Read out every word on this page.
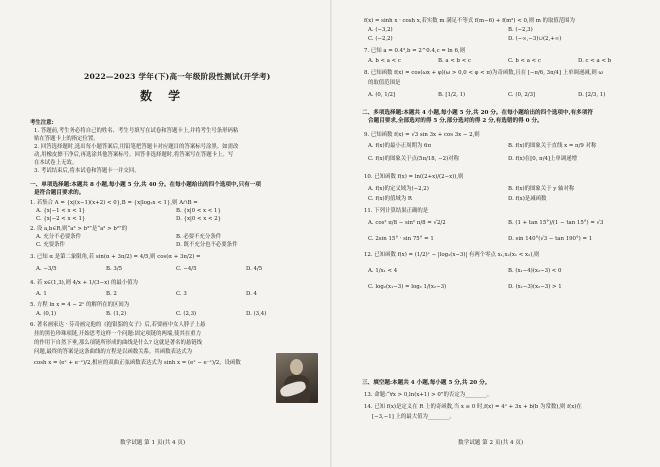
2022—2023 学年(下)高一年级阶段性测试(开学考)
数 学
考生注意:
1. 答题前,考生务必将自己的姓名、考生号填写在试卷和答题卡上,并将考生号条形码粘
贴在答题卡上的指定位置。
2. 回答选择题时,选出每小题答案后,用铅笔把答题卡对应题目的答案标号涂黑。如需改
动,用橡皮擦干净后,再选涂其他答案标号。回答非选择题时,将答案写在答题卡上。写
在本试卷上无效。
3. 考试结束后,将本试卷和答题卡一并交回。
一、单项选择题:本题共 8 小题,每小题 5 分,共 40 分。在每小题给出的四个选项中,只有一项
是符合题目要求的。
1. 若集合 A = {x|(x−1)(x+2) < 0},B = {x|log₂x < 1},则 A∩B =
A. {x|−1 < x < 1}	B. {x|0 < x < 1}
C. {x|−2 < x < 1}	D. {x|0 < x < 2}
2. 设 a,b∈R,则“a³ > b³”是“a² > b²”的
A. 充分不必要条件	B. 必要不充分条件
C. 充要条件	D. 既不充分也不必要条件
3. 已知 α 是第二象限角,若 sin(α + 3π/2) = 4/5,则 cos(α + 3π/2) =
A. −3/5	B. 3/5	C. −4/5	D. 4/5
4. 若 x∈(1,3),则 4/x + 1/(3−x) 的最小值为
A. 1	B. 2	C. 3	D. 4
5. 方程 ln x = 4 − 2ˣ 的解所在的区间为
A. (0,1)	B. (1,2)	C. (2,3)	D. (3,4)
6. 著名画家达 · 芬奇画完他的《抱银貂的女子》后,若要画中女人脖子上悬
挂的黑色珍珠项链,开始思考这样一个问题:固定项链的两端,使其在重力
的作用下自然下垂,那么项链所形成的曲线是什么? 这就是著名的悬链线
问题,最终的答案是这条曲线的方程是以函数关系。其函数表达式为
cosh x = (eˣ + e⁻ˣ)/2,相应的双曲正弦函数表达式为 sinh x = (eˣ − e⁻ˣ)/2。设函数
数学试题 第 1 页(共 4 页)
f(x) = sinh x · cosh x,若实数 m 满足不等式 f(m−6) + f(m²) < 0,则 m 的取值范围为
A. (−3,2)	B. (−2,3)
C. (−2,2)	D. (−∞,−3)∪(2,+∞)
7. 已知 a = 0.4³,b = 2^0.4,c = ln 6,则
A. b < a < c	B. a < b < c	C. b < a < c	D. c < a < b
8. 已知函数 f(x) = cos(ωx + φ)(ω > 0,0 < φ < π)为奇函数,且在 [−π/6, 3π/4] 上单调递减,则 ω
的取值范围是
A. (0, 1/2]	B. [1/2, 1)	C. (0, 2/3]	D. [2/3, 1)
二、多项选择题:本题共 4 小题,每小题 5 分,共 20 分。在每小题给出的四个选项中,有多项符
合题目要求,全部选对的得 5 分,部分选对的得 2 分,有选错的得 0 分。
9. 已知函数 f(x) = √3 sin 3x + cos 3x − 2,则
A. f(x)的最小正周期为 6π	B. f(x)的图象关于直线 x = π/9 对称
C. f(x)的图象关于点(5π/18, −2)对称	D. f(x)在[0, π/4]上单调递增
10. 已知函数 f(x) = ln((2+x)/(2−x)),则
A. f(x)的定义域为(−2,2)	B. f(x)的图象关于 y 轴对称
C. f(x)的值域为 R	D. f(x)是减函数
11. 下列计算结果正确的是
A. cos² π/8 − sin² π/8 = √2/2	B. (1 + tan 15°)/(1 − tan 15°) = √3
C. 2sin 15° · sin 75° = 1	D. sin 140°(√3 − tan 190°) = 1
12. 已知函数 f(x) = (1/2)ˣ − |log₂(x−3)| 有两个零点 x₁,x₂(x₁ < x₂),则
A. 1/x₁ < 4	B. (x₁−4)(x₂−3) < 0
C. log₂(x₁−3) = log₂ 1/(x₂−3)	D. (x₁−3)(x₂−3) > 1
三、填空题:本题共 4 小题,每小题 5 分,共 20 分。
13. 命题:“∀x > 0,ln(x+1) > 0”的否定为________。
14. 已知 f(x)是定义在 R 上的奇函数,当 x ≥ 0 时,f(x) = 4ˣ + 3x + b(b 为常数),则 f(x)在
[−3,−1] 上的最大值为________。
数学试题 第 2 页(共 4 页)
